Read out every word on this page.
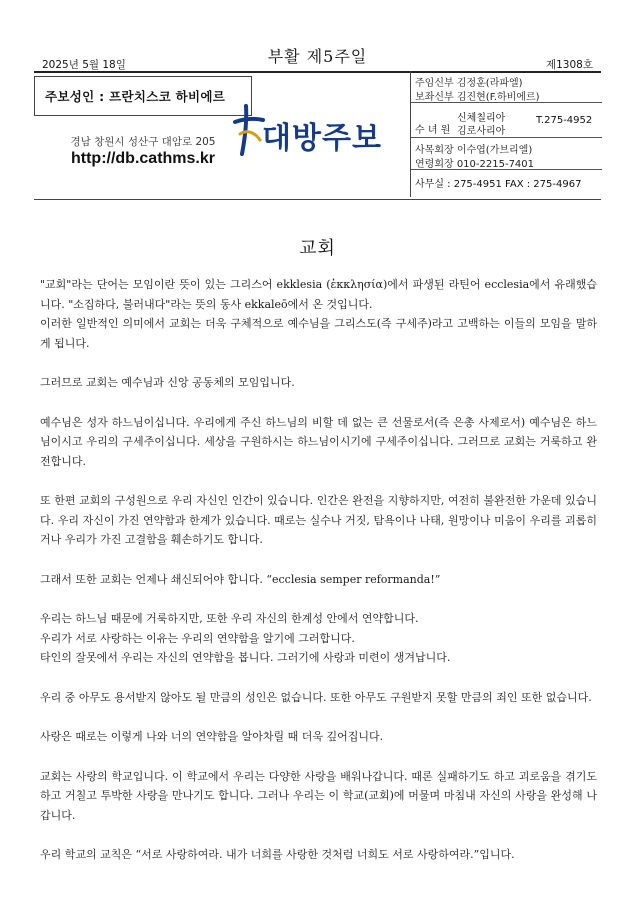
2025년 5월 18일	부활 제5주일	제1308호
주보성인 : 프란치스코 하비에르
경남 창원시 성산구 대암로 205
http://db.cathms.kr
대방주보
주임신부 김정훈(라파엘)
보좌신부 김진현(F.하비에르)
수 녀 원
신체칠리아
김로사리아
T.275-4952
사목회장 이수엽(가브리엘)
연령회장 010-2215-7401
사무실 : 275-4951 FAX : 275-4967
교회

"교회"라는 단어는 모임이란 뜻이 있는 그리스어 ekklesia (ἐκκλησία)에서 파생된 라틴어 ecclesia에서 유래했습니다. "소집하다, 불러내다"라는 뜻의 동사 ekkaleō에서 온 것입니다.

이러한 일반적인 의미에서 교회는 더욱 구체적으로 예수님을 그리스도(즉 구세주)라고 고백하는 이들의 모임을 말하게 됩니다.

그러므로 교회는 예수님과 신앙 공동체의 모임입니다.

예수님은 성자 하느님이십니다. 우리에게 주신 하느님의 비할 데 없는 큰 선물로서(즉 은총 사제로서) 예수님은 하느님이시고 우리의 구세주이십니다. 세상을 구원하시는 하느님이시기에 구세주이십니다. 그러므로 교회는 거룩하고 완전합니다.

또 한편 교회의 구성원으로 우리 자신인 인간이 있습니다. 인간은 완전을 지향하지만, 여전히 불완전한 가운데 있습니다. 우리 자신이 가진 연약함과 한계가 있습니다. 때로는 실수나 거짓, 탐욕이나 나태, 원망이나 미움이 우리를 괴롭히거나 우리가 가진 고결함을 훼손하기도 합니다.

그래서 또한 교회는 언제나 쇄신되어야 합니다. “ecclesia semper reformanda!”

우리는 하느님 때문에 거룩하지만, 또한 우리 자신의 한계성 안에서 연약합니다.

우리가 서로 사랑하는 이유는 우리의 연약함을 알기에 그러합니다.

타인의 잘못에서 우리는 자신의 연약함을 봅니다. 그러기에 사랑과 미련이 생겨납니다.

우리 중 아무도 용서받지 않아도 될 만큼의 성인은 없습니다. 또한 아무도 구원받지 못할 만큼의 죄인 또한 없습니다.

사랑은 때로는 이렇게 나와 너의 연약함을 알아차릴 때 더욱 깊어집니다.

교회는 사랑의 학교입니다. 이 학교에서 우리는 다양한 사랑을 배워나갑니다. 때론 실패하기도 하고 괴로움을 겪기도 하고 거칠고 투박한 사랑을 만나기도 합니다. 그러나 우리는 이 학교(교회)에 머물며 마침내 자신의 사랑을 완성해 나갑니다.

우리 학교의 교칙은 “서로 사랑하여라. 내가 너희를 사랑한 것처럼 너희도 서로 사랑하여라.”입니다.
